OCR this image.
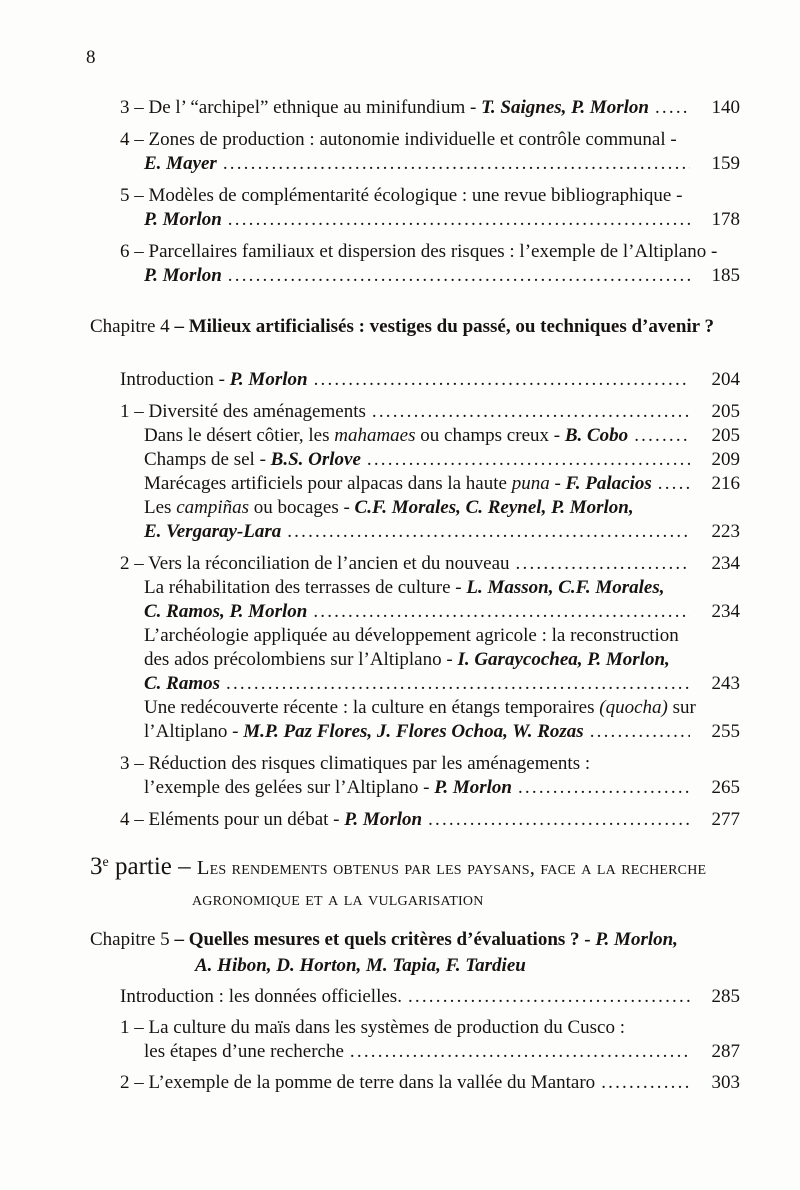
8
3 – De l’ “archipel” ethnique au minifundium - T. Saignes, P. Morlon .....	140
4 – Zones de production : autonomie individuelle et contrôle communal -
E. Mayer .....	159
5 – Modèles de complémentarité écologique : une revue bibliographique -
P. Morlon .....	178
6 – Parcellaires familiaux et dispersion des risques : l’exemple de l’Altiplano -
P. Morlon .....	185
Chapitre 4 – Milieux artificialisés : vestiges du passé, ou techniques d’avenir ?
Introduction - P. Morlon .....	204
1 – Diversité des aménagements .....	205
Dans le désert côtier, les mahamaes ou champs creux - B. Cobo .....	205
Champs de sel - B.S. Orlove .....	209
Marécages artificiels pour alpacas dans la haute puna - F. Palacios .....	216
Les campiñas ou bocages - C.F. Morales, C. Reynel, P. Morlon,
E. Vergaray-Lara .....	223
2 – Vers la réconciliation de l’ancien et du nouveau .....	234
La réhabilitation des terrasses de culture - L. Masson, C.F. Morales,
C. Ramos, P. Morlon .....	234
L’archéologie appliquée au développement agricole : la reconstruction
des ados précolombiens sur l’Altiplano - I. Garaycochea, P. Morlon,
C. Ramos .....	243
Une redécouverte récente : la culture en étangs temporaires (quocha) sur
l’Altiplano - M.P. Paz Flores, J. Flores Ochoa, W. Rozas .....	255
3 – Réduction des risques climatiques par les aménagements :
l’exemple des gelées sur l’Altiplano - P. Morlon .....	265
4 – Eléments pour un débat - P. Morlon .....	277
3e partie – Les rendements obtenus par les paysans, face a la recherche
agronomique et a la vulgarisation
Chapitre 5 – Quelles mesures et quels critères d’évaluations ? - P. Morlon,
A. Hibon, D. Horton, M. Tapia, F. Tardieu
Introduction : les données officielles. .....	285
1 – La culture du maïs dans les systèmes de production du Cusco :
les étapes d’une recherche .....	287
2 – L’exemple de la pomme de terre dans la vallée du Mantaro .....	303
